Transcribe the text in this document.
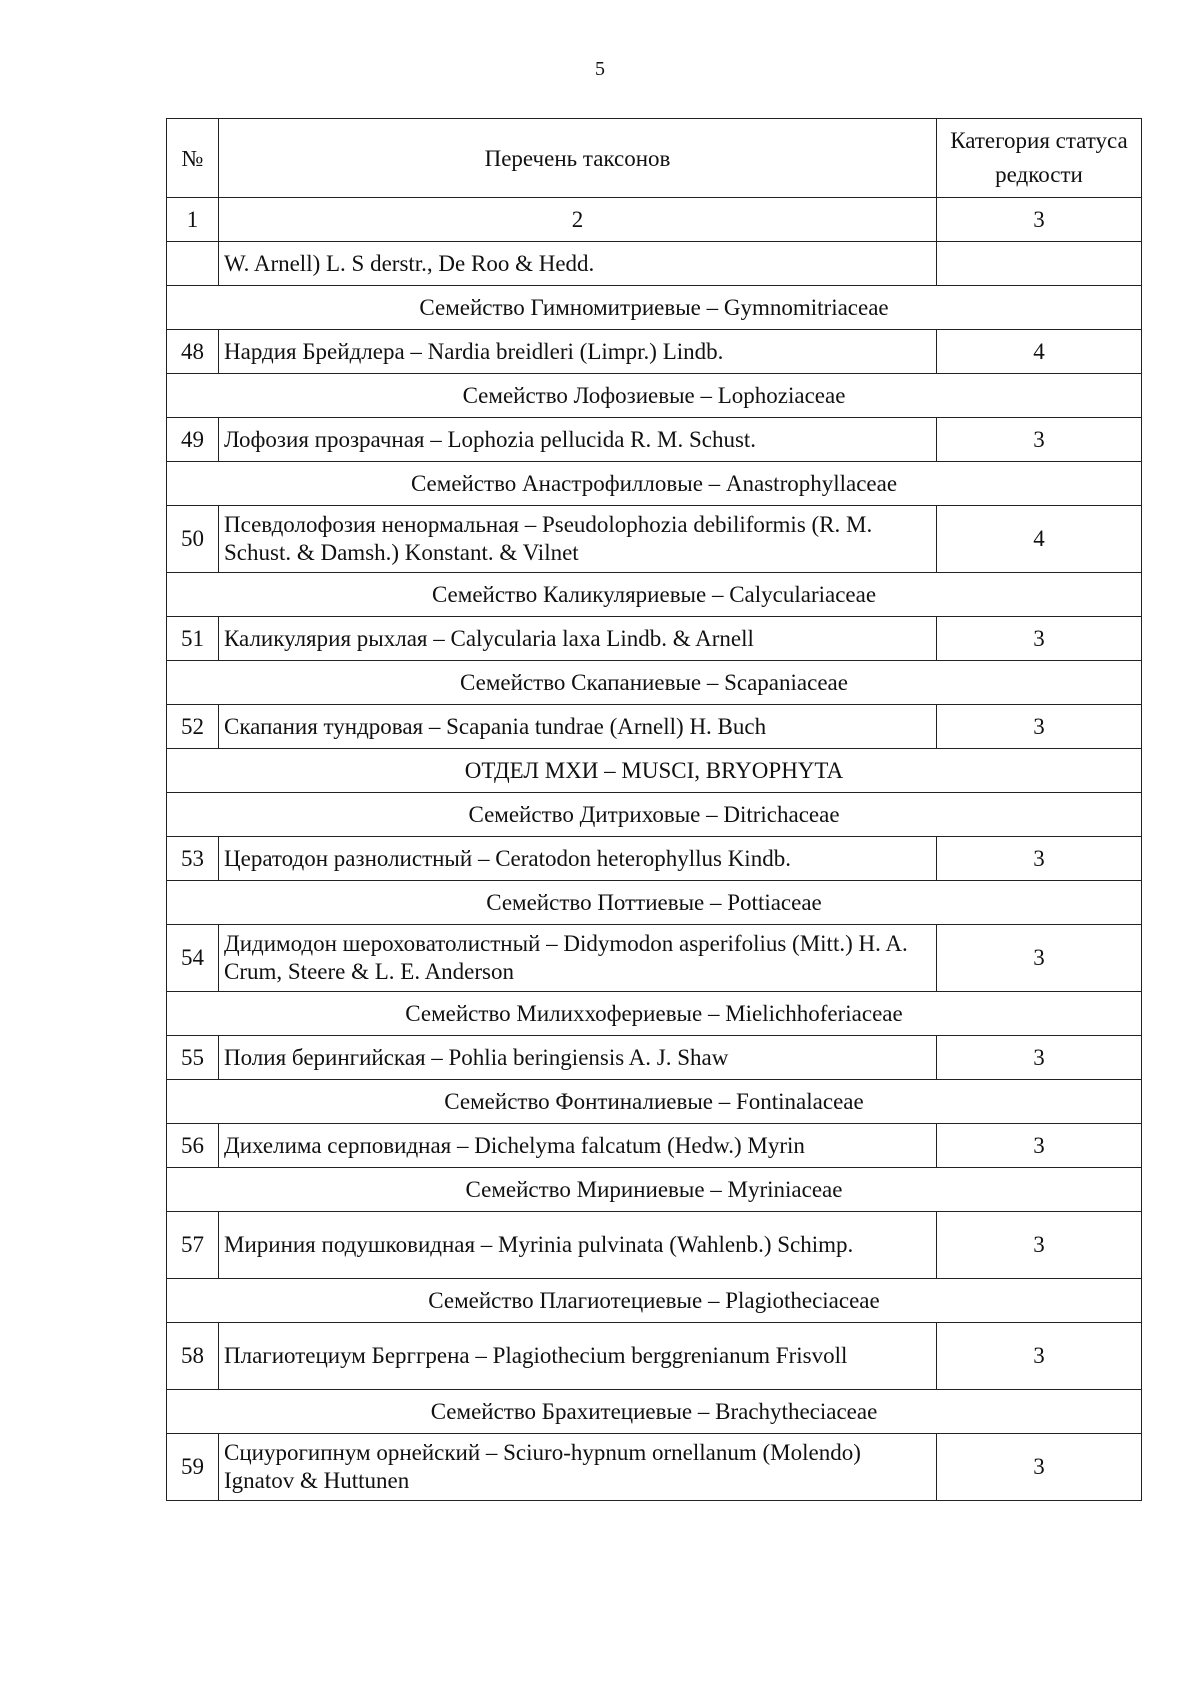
5
№	Перечень таксонов	Категория статуса редкости
1	2	3
	W. Arnell) L. S derstr., De Roo & Hedd.	
Семейство Гимномитриевые – Gymnomitriaceae		
48	Нардия Брейдлера – Nardia breidleri (Limpr.) Lindb.	4
Семейство Лофозиевые – Lophoziaceae		
49	Лофозия прозрачная – Lophozia pellucida R. M. Schust.	3
Семейство Анастрофилловые – Anastrophyllaceae		
50	Псевдолофозия ненормальная – Pseudolophozia debiliformis (R. M. Schust. & Damsh.) Konstant. & Vilnet	4
Семейство Каликуляриевые – Calyculariaceae		
51	Каликулярия рыхлая – Calycularia laxa Lindb. & Arnell	3
Семейство Скапаниевые – Scapaniaceae		
52	Скапания тундровая – Scapania tundrae (Arnell) H. Buch	3
ОТДЕЛ МХИ – MUSCI, BRYOPHYTA		
Семейство Дитриховые – Ditrichaceae		
53	Цератодон разнолистный – Ceratodon heterophyllus Kindb.	3
Семейство Поттиевые – Pottiaceae		
54	Дидимодон шероховатолистный – Didymodon asperifolius (Mitt.) H. A. Crum, Steere & L. E. Anderson	3
Семейство Милиххофериевые – Mielichhoferiaceae		
55	Полия берингийская – Pohlia beringiensis A. J. Shaw	3
Семейство Фонтиналиевые – Fontinalaceae		
56	Дихелима серповидная – Dichelyma falcatum (Hedw.) Myrin	3
Семейство Мириниевые – Myriniaceae		
57	Мириния подушковидная – Myrinia pulvinata (Wahlenb.) Schimp.	3
Семейство Плагиотециевые – Plagiotheciaceae		
58	Плагиотециум Берггрена – Plagiothecium berggrenianum Frisvoll	3
Семейство Брахитециевые – Brachytheciaceae		
59	Сциурогипнум орнейский – Sciuro-hypnum ornellanum (Molendo) Ignatov & Huttunen	3
